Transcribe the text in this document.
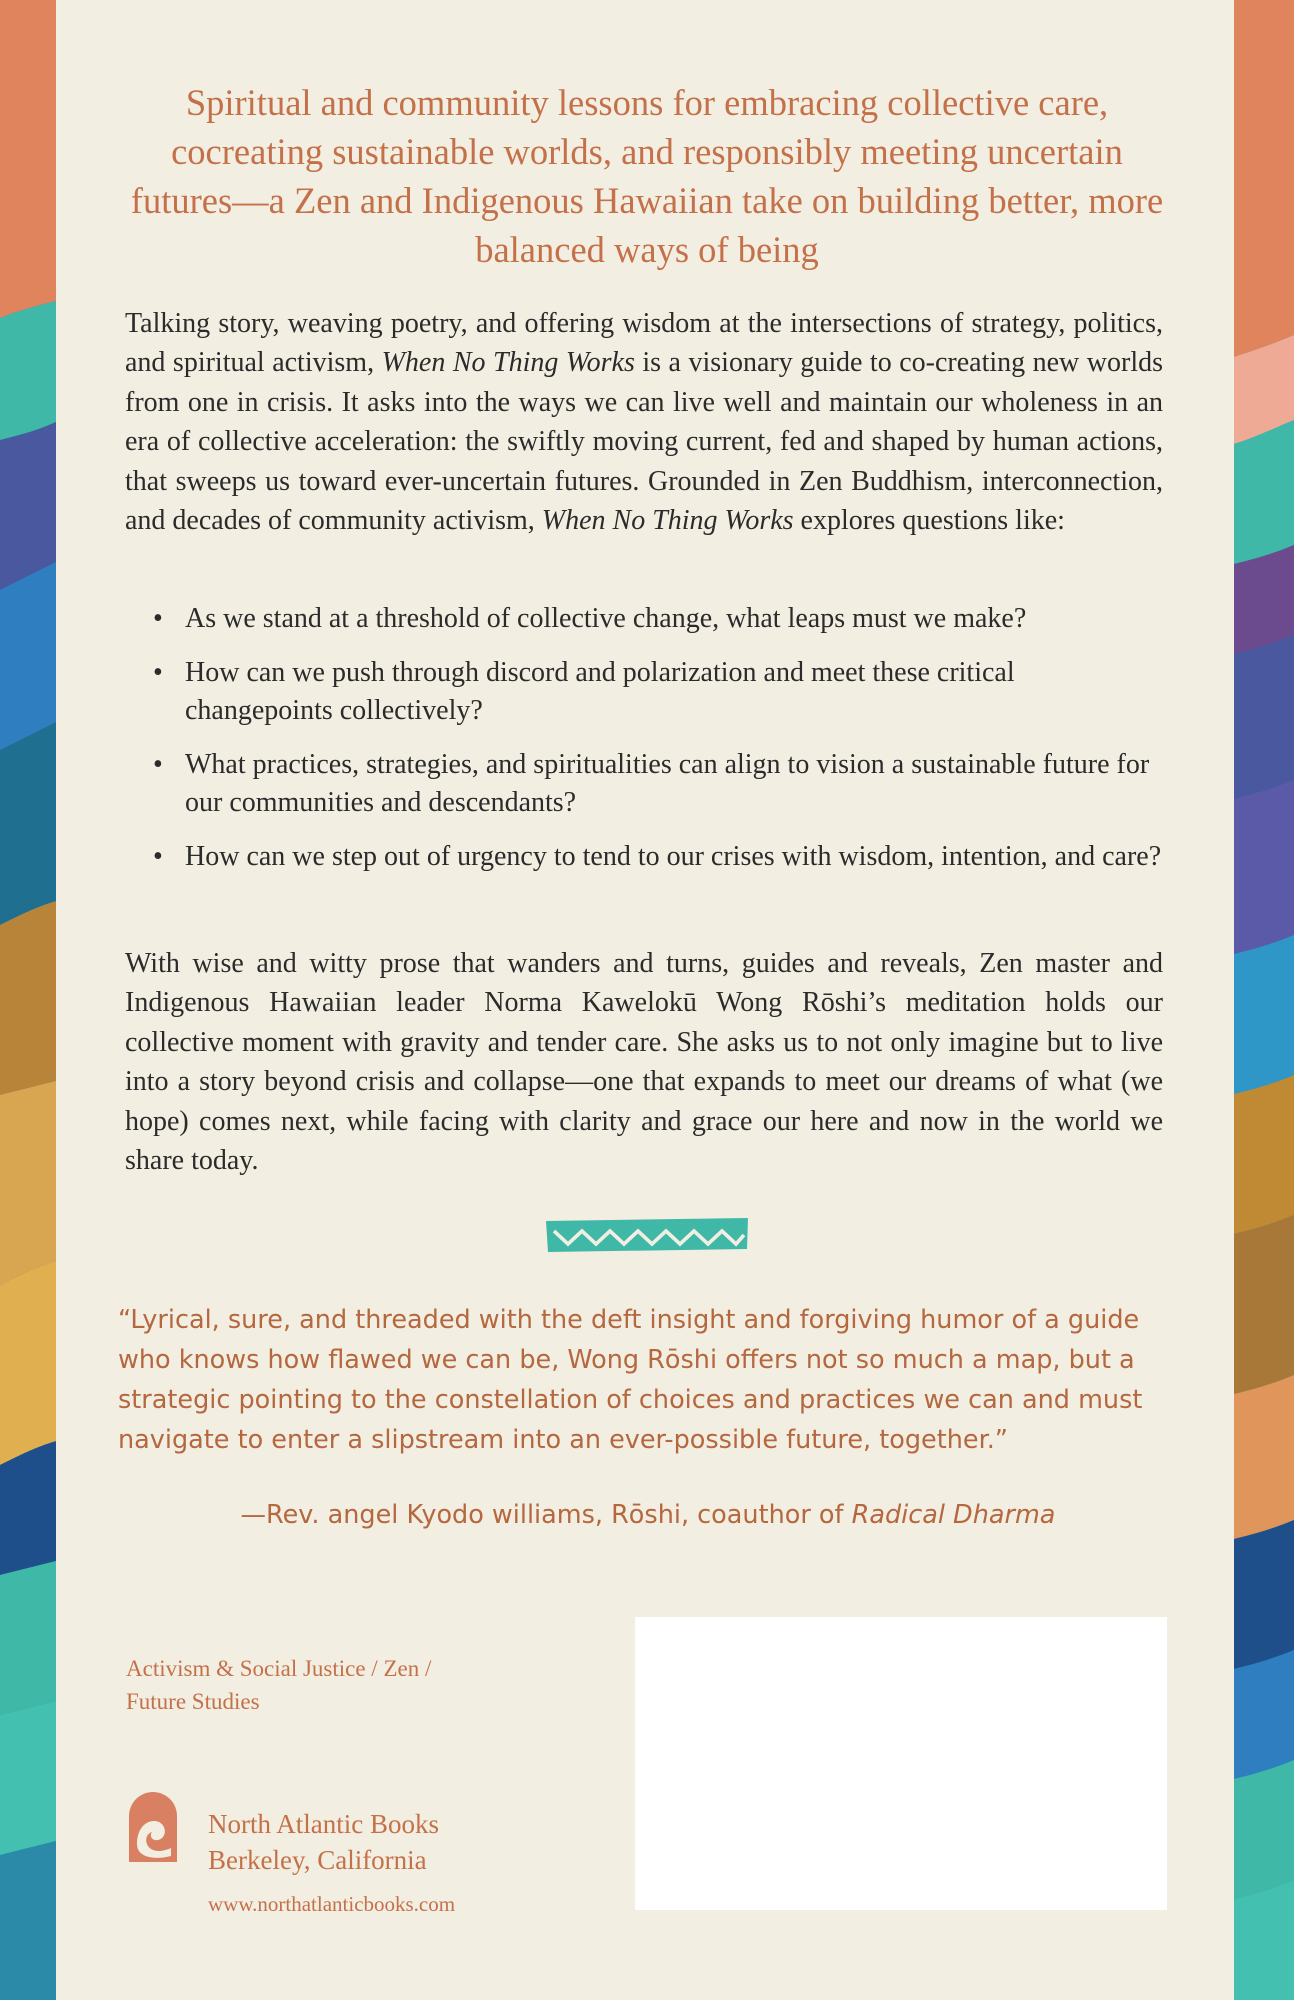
Spiritual and community lessons for embracing collective care, cocreating sustainable worlds, and responsibly meeting uncertain futures—a Zen and Indigenous Hawaiian take on building better, more balanced ways of being
Talking story, weaving poetry, and offering wisdom at the intersections of strategy, politics, and spiritual activism, When No Thing Works is a visionary guide to co-creating new worlds from one in crisis. It asks into the ways we can live well and maintain our wholeness in an era of collective acceleration: the swiftly moving current, fed and shaped by human actions, that sweeps us toward ever-uncertain futures. Grounded in Zen Buddhism, interconnection, and decades of community activism, When No Thing Works explores questions like:
• As we stand at a threshold of collective change, what leaps must we make?
• How can we push through discord and polarization and meet these critical changepoints collectively?
• What practices, strategies, and spiritualities can align to vision a sustainable future for our communities and descendants?
• How can we step out of urgency to tend to our crises with wisdom, intention, and care?
With wise and witty prose that wanders and turns, guides and reveals, Zen master and Indigenous Hawaiian leader Norma Kawelokū Wong Rōshi’s meditation holds our collective moment with gravity and tender care. She asks us to not only imagine but to live into a story beyond crisis and collapse—one that expands to meet our dreams of what (we hope) comes next, while facing with clarity and grace our here and now in the world we share today.
“Lyrical, sure, and threaded with the deft insight and forgiving humor of a guide who knows how flawed we can be, Wong Rōshi offers not so much a map, but a strategic pointing to the constellation of choices and practices we can and must navigate to enter a slipstream into an ever-possible future, together.”
—Rev. angel Kyodo williams, Rōshi, coauthor of Radical Dharma
Activism & Social Justice / Zen /
Future Studies
North Atlantic Books
Berkeley, California
www.northatlanticbooks.com
